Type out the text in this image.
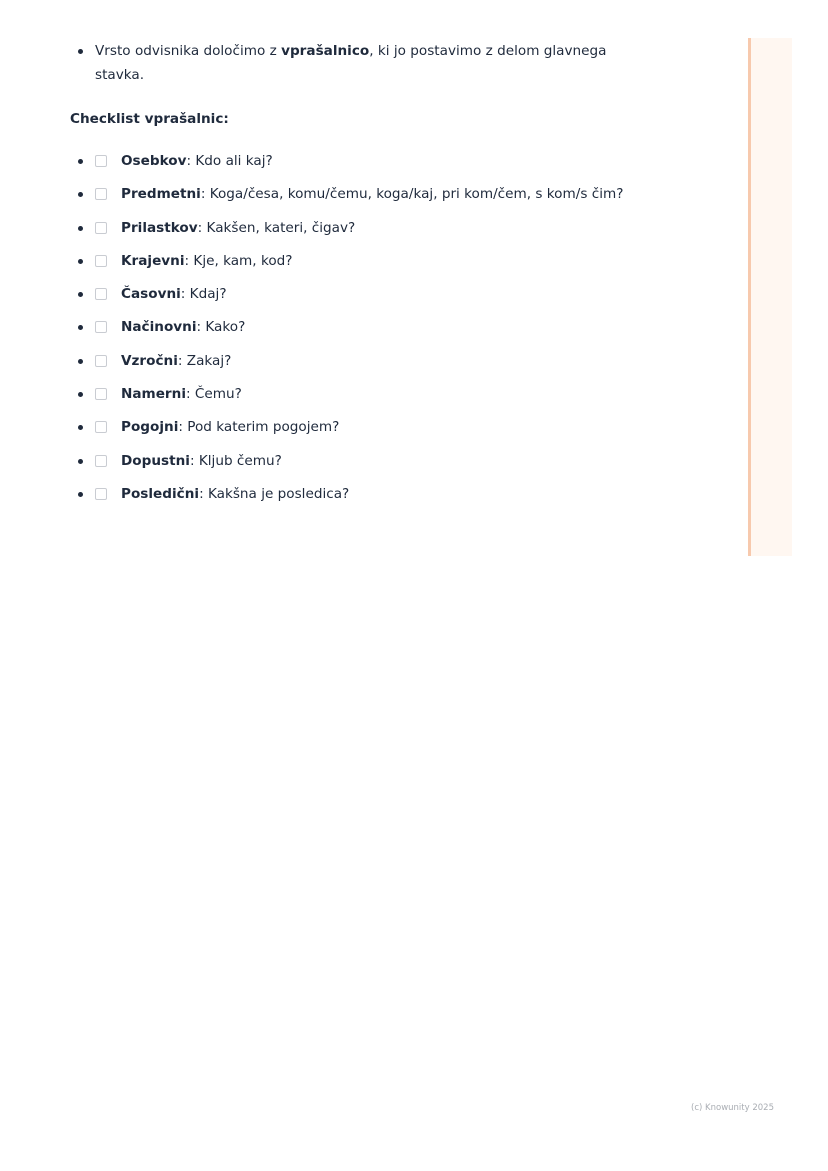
Vrsto odvisnika določimo z vprašalnico, ki jo postavimo z delom glavnega stavka.
Checklist vprašalnic:
Osebkov: Kdo ali kaj?
Predmetni: Koga/česa, komu/čemu, koga/kaj, pri kom/čem, s kom/s čim?
Prilastkov: Kakšen, kateri, čigav?
Krajevni: Kje, kam, kod?
Časovni: Kdaj?
Načinovni: Kako?
Vzročni: Zakaj?
Namerni: Čemu?
Pogojni: Pod katerim pogojem?
Dopustni: Kljub čemu?
Posledični: Kakšna je posledica?
(c) Knowunity 2025
